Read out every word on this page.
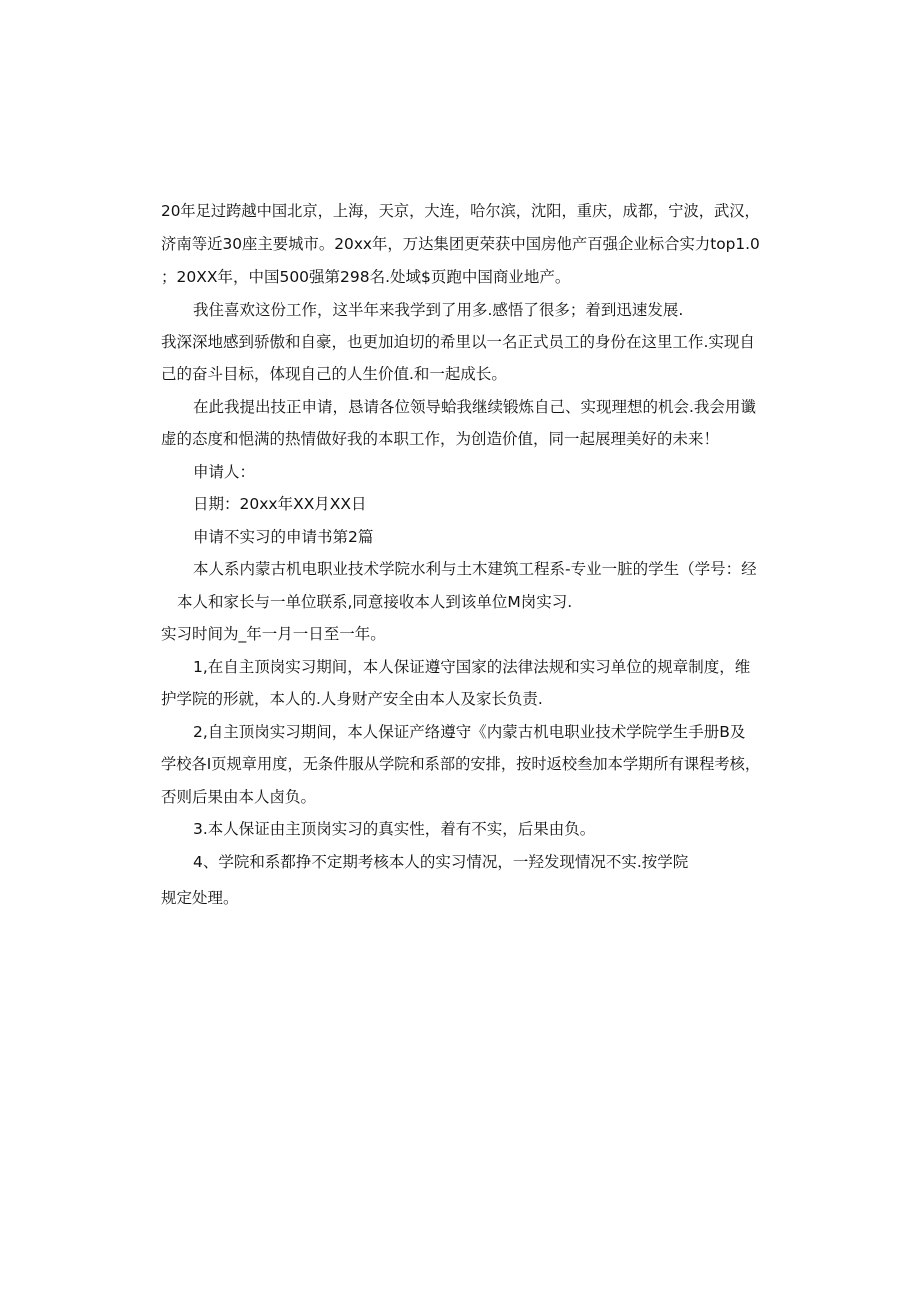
20年足过跨越中国北京，上海，天京，大连，哈尔滨，沈阳，重庆，成都，宁波，武汉，
济南等近30座主要城市。20xx年，万达集团更荣获中国房他产百强企业标合实力top1.0
；20XX年，中国500强第298名.处域$页跑中国商业地产。
我住喜欢这份工作，这半年来我学到了用多.感悟了很多；着到迅速发展.
我深深地感到骄傲和自豪，也更加迫切的希里以一名正式员工的身份在这里工作.实现自
己的奋斗目标，体现自己的人生价值.和一起成长。
在此我提出技正申请，恳请各位领导蛤我继续锻炼自己、实现理想的机会.我会用谶
虚的态度和悒满的热情做好我的本职工作，为创造价值，同一起展理美好的未来！
申请人：
日期：20xx年XX月XX日
申请不实习的申请书第2篇
本人系内蒙古机电职业技术学院水利与土木建筑工程系-专业一脏的学生（学号：经
本人和家长与一单位联系,同意接收本人到该单位M岗实习.
实习时间为_年一月一日至一年。
1,在自主顶岗实习期间，本人保证遵守国家的法律法规和实习单位的规章制度，维
护学院的形就，本人的.人身财产安全由本人及家长负责.
2,自主顶岗实习期间，本人保证产络遵守《内蒙古机电职业技术学院学生手册B及
学校各I页规章用度，无条件服从学院和系部的安排，按时返校叁加本学期所有课程考核，
否则后果由本人卤负。
3.本人保证由主顶岗实习的真实性，着有不实，后果由负。
4、学院和系都挣不定期考核本人的实习情况，一羟发现情况不实.按学院
规定处理。
